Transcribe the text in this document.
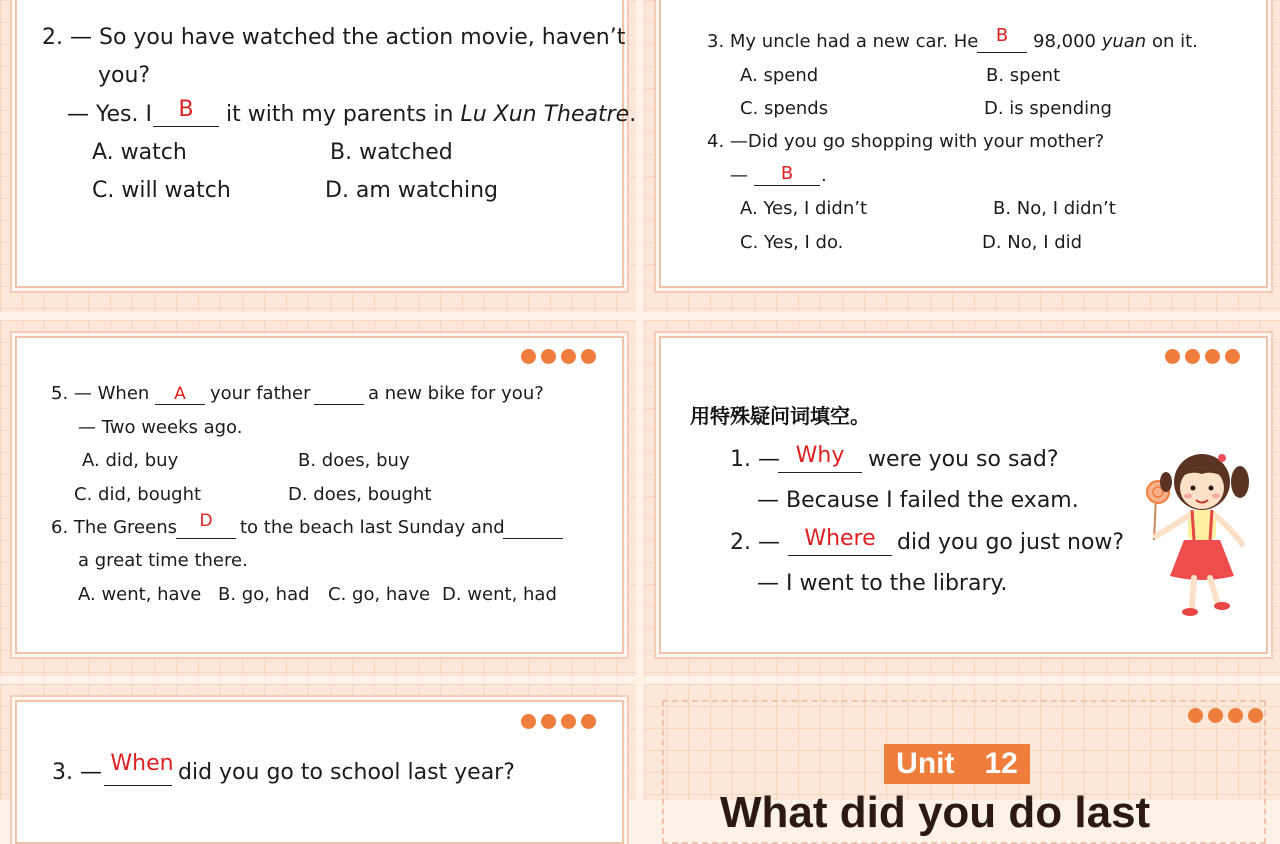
2. — So you have watched the action movie, haven’t
you?
— Yes. I	B	it with my parents in Lu Xun Theatre.
A. watch	B. watched
C. will watch	D. am watching
3. My uncle had a new car. He B	98,000 yuan on it.
A. spend	B. spent
C. spends	D. is spending
4. —Did you go shopping with your mother?
—	B	.
A. Yes, I didn’t	B. No, I didn’t
C. Yes, I do.	D. No, I did
5. — When	A	your father	a new bike for you?
— Two weeks ago.
A. did, buy	B. does, buy
C. did, bought	D. does, bought
6. The Greens	D	to the beach last Sunday and
a great time there.
A. went, have B. go, had C. go, have D. went, had
用特殊疑问词填空。
1. — Why	were you so sad?
— Because I failed the exam.
2. —	Where did you go just now?
— I went to the library.
3. — When did you go to school last year?	Unit　12
What did you do last
